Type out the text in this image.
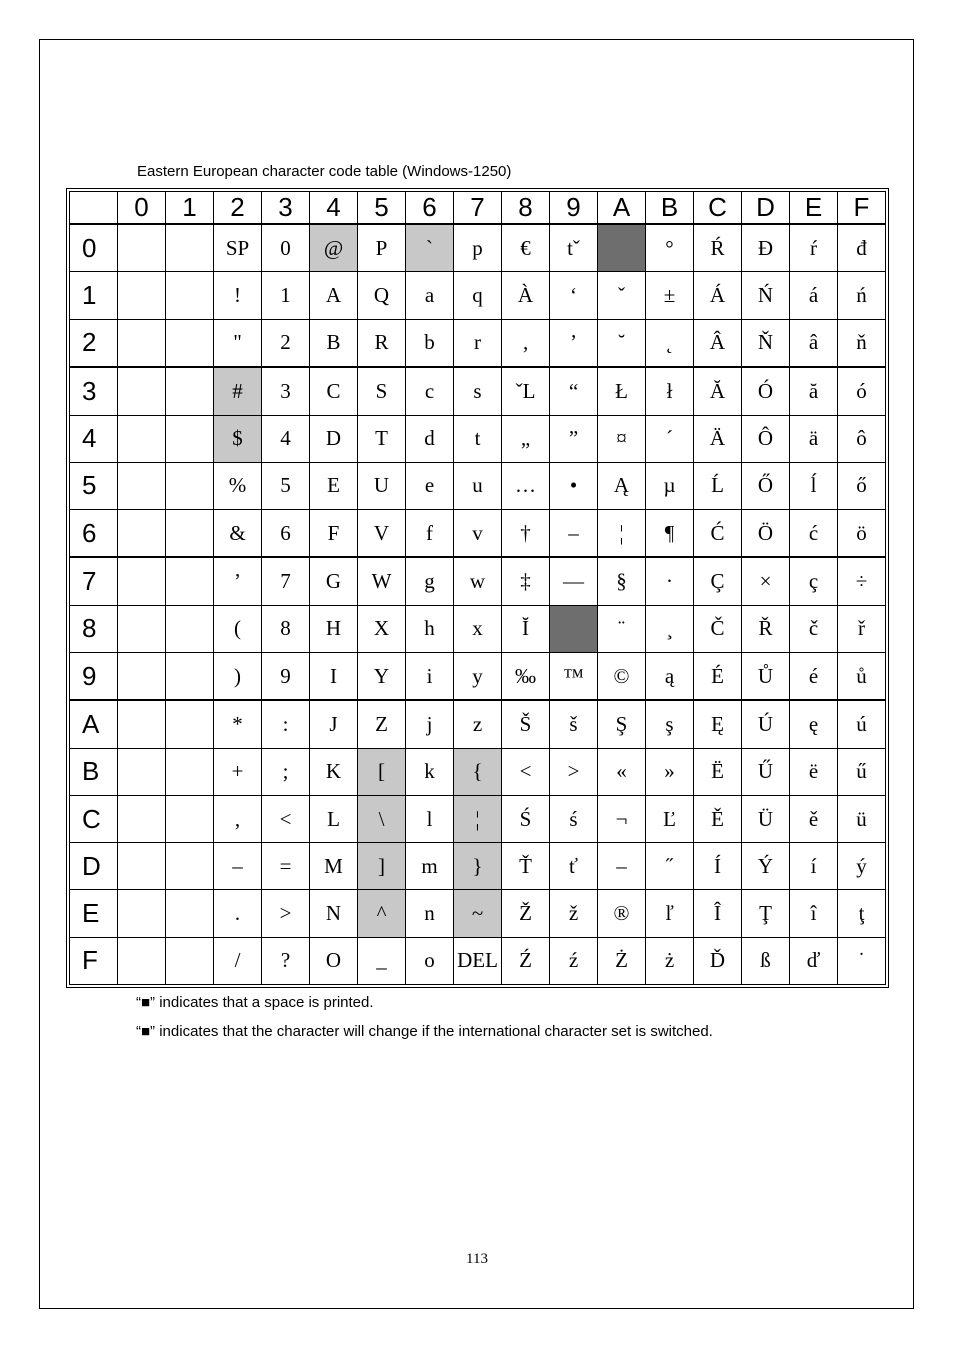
Eastern European character code table (Windows-1250)
	0	1	2	3	4	5	6	7	8	9	A	B	C	D	E	F
0			SP	0	@	P	`	p	€	tˇ		°	Ŕ	Đ	ŕ	đ
1			!	1	A	Q	a	q	À	‘	ˇ	±	Á	Ń	á	ń
2			"	2	B	R	b	r	‚	’	˘	˛	Â	Ň	â	ň
3			#	3	C	S	c	s	ˇL	“	Ł	ł	Ă	Ó	ă	ó
4			$	4	D	T	d	t	„	”	¤	´	Ä	Ô	ä	ô
5			%	5	E	U	e	u	…	•	Ą	µ	Ĺ	Ő	ĺ	ő
6			&	6	F	V	f	v	†	–	¦	¶	Ć	Ö	ć	ö
7			’	7	G	W	g	w	‡	—	§	·	Ç	×	ç	÷
8			(	8	H	X	h	x	Ĭ		¨	¸	Č	Ř	č	ř
9			)	9	I	Y	i	y	‰	™	©	ą	É	Ů	é	ů
A			*	:	J	Z	j	z	Š	š	Ş	ş	Ę	Ú	ę	ú
B			+	;	K	[	k	{	<	>	«	»	Ë	Ű	ë	ű
C			,	<	L	\	l	¦	Ś	ś	¬	Ľ	Ě	Ü	ě	ü
D			–	=	M	]	m	}	Ť	ť	–	˝	Í	Ý	í	ý
E			.	>	N	^	n	~	Ž	ž	®	ľ	Î	Ţ	î	ţ
F			/	?	O	_	o	DEL	Ź	ź	Ż	ż	Ď	ß	ď	˙
“■” indicates that a space is printed.
“■” indicates that the character will change if the international character set is switched.
113
